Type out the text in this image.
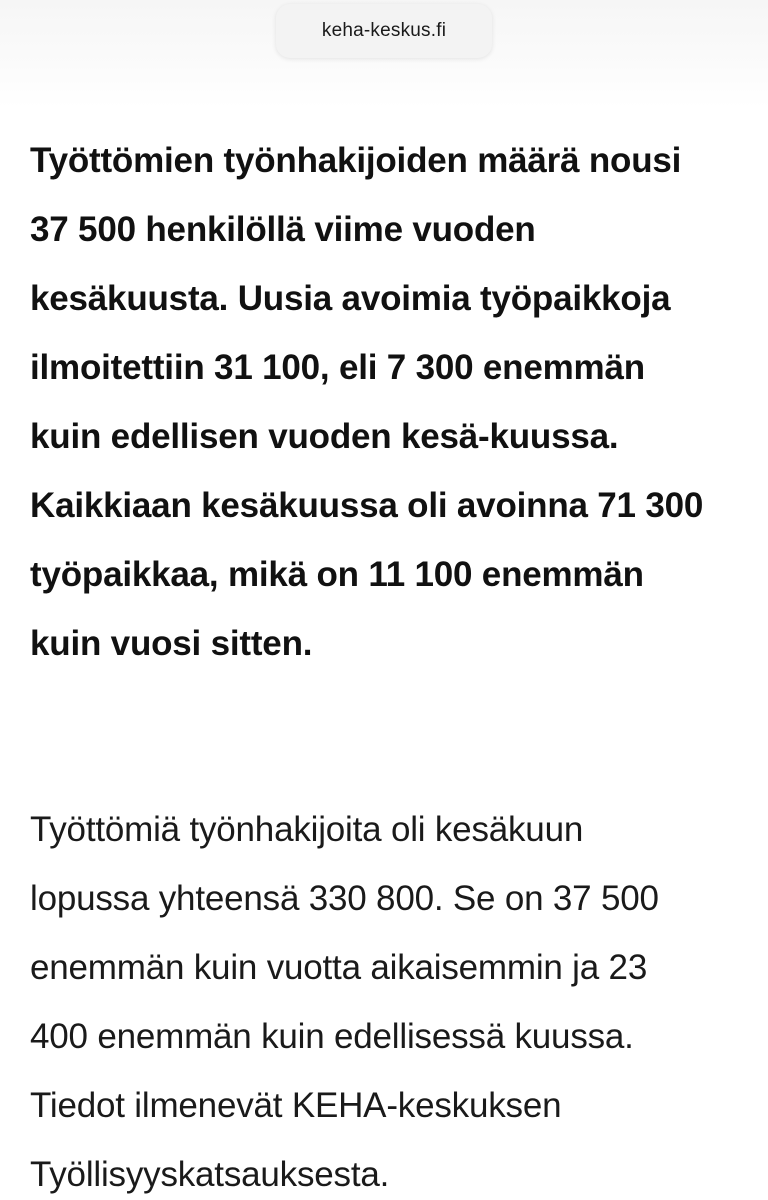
keha-keskus.fi

Työttömien työnhakijoiden määrä nousi
37 500 henkilöllä viime vuoden
kesäkuusta. Uusia avoimia työpaikkoja
ilmoitettiin 31 100, eli 7 300 enemmän
kuin edellisen vuoden kesä-kuussa.
Kaikkiaan kesäkuussa oli avoinna 71 300
työpaikkaa, mikä on 11 100 enemmän
kuin vuosi sitten.

Työttömiä työnhakijoita oli kesäkuun
lopussa yhteensä 330 800. Se on 37 500
enemmän kuin vuotta aikaisemmin ja 23
400 enemmän kuin edellisessä kuussa.
Tiedot ilmenevät KEHA-keskuksen
Työllisyyskatsauksesta.
